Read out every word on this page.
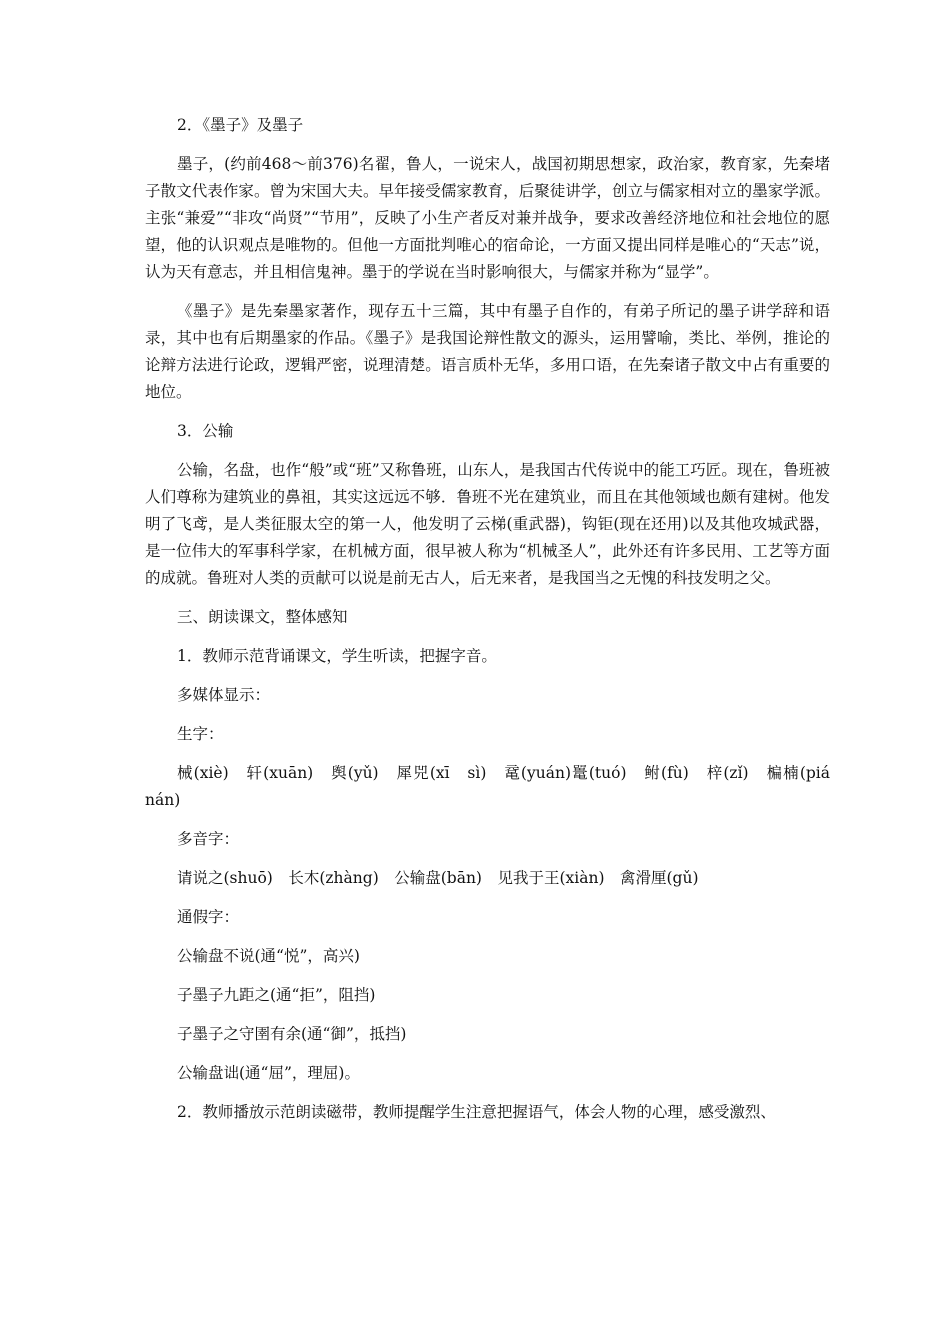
2．《墨子》及墨子

墨子，(约前468～前376)名翟，鲁人，一说宋人，战国初期思想家，政治家，教育家，先秦堵子散文代表作家。曾为宋国大夫。早年接受儒家教育，后聚徒讲学，创立与儒家相对立的墨家学派。主张“兼爱”“非攻“尚贤”“节用”，反映了小生产者反对兼并战争，要求改善经济地位和社会地位的愿望，他的认识观点是唯物的。但他一方面批判唯心的宿命论，一方面又提出同样是唯心的“天志”说，认为天有意志，并且相信鬼神。墨于的学说在当时影响很大，与儒家并称为“显学”。

《墨子》是先秦墨家著作，现存五十三篇，其中有墨子自作的，有弟子所记的墨子讲学辞和语录，其中也有后期墨家的作品。《墨子》是我国论辩性散文的源头，运用譬喻，类比、举例，推论的论辩方法进行论政，逻辑严密，说理清楚。语言质朴无华，多用口语，在先秦诸子散文中占有重要的地位。

3．公输

公输，名盘，也作“般”或“班”又称鲁班，山东人，是我国古代传说中的能工巧匠。现在，鲁班被人们尊称为建筑业的鼻祖，其实这远远不够．鲁班不光在建筑业，而且在其他领域也颇有建树。他发明了飞鸢，是人类征服太空的第一人，他发明了云梯(重武器)，钩钜(现在还用)以及其他攻城武器，是一位伟大的军事科学家，在机械方面，很早被人称为“机械圣人”，此外还有许多民用、工艺等方面的成就。鲁班对人类的贡献可以说是前无古人，后无来者，是我国当之无愧的科技发明之父。

三、朗读课文，整体感知

1．教师示范背诵课文，学生听读，把握字音。

多媒体显示：

生字：

械(xiè)　轩(xuān)　舆(yǔ)　犀兕(xī　sì)　鼋(yuán)鼍(tuó)　鲋(fù)　梓(zǐ)　楄楠(piá　nán)

多音字：

请说之(shuō)　长木(zhàng)　公输盘(bān)　见我于王(xiàn)　禽滑厘(gǔ)

通假字：

公输盘不说(通“悦”，高兴)

子墨子九距之(通“拒”，阻挡)

子墨子之守圉有余(通“御”，抵挡)

公输盘诎(通“屈”，理屈)。

2．教师播放示范朗读磁带，教师提醒学生注意把握语气，体会人物的心理，感受激烈、
